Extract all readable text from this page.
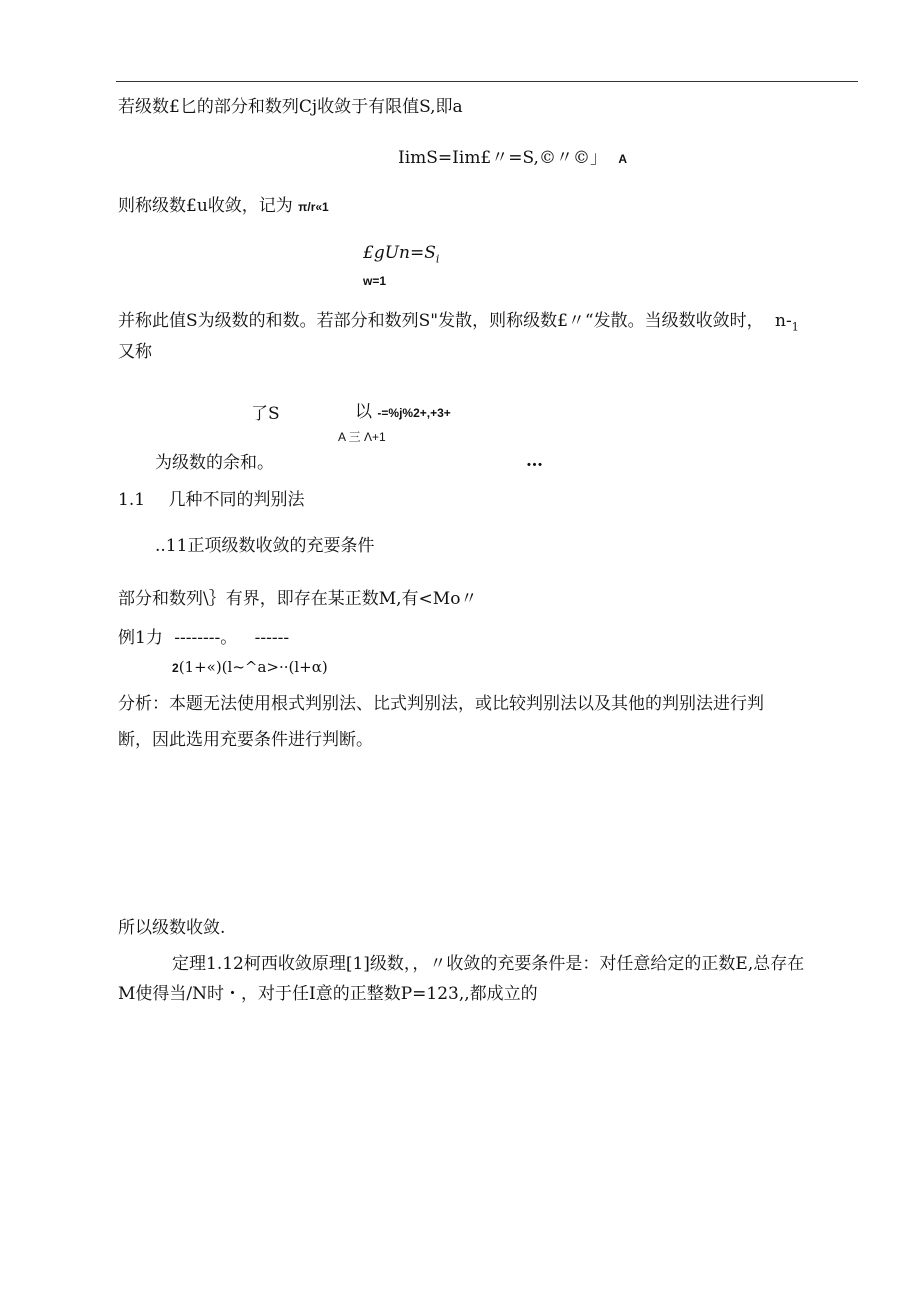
若级数£匕的部分和数列Cj收敛于有限值S,即a
IimS=Iim£〃=S,©〃©」 A
则称级数£u收敛，记为 π/r«1
$£gUn=S_i$
w=1
并称此值S为级数的和数。若部分和数列S"发散，则称级数£〃“发散。当级数收敛时， $n-_1$
又称
了S	以 -=%j%2+,+3+
A 三 Λ+1
为级数的余和。	…
1.1 几种不同的判别法
..11正项级数收敛的充要条件
部分和数列\｝有界，即存在某正数M,有<Mo〃
例1力 --------。 ------
2(1+«)(l~^a>··(l+α)
分析：本题无法使用根式判别法、比式判别法，或比较判别法以及其他的判别法进行判
断，因此选用充要条件进行判断。
所以级数收敛.
定理1.12柯西收敛原理[1]级数，，〃收敛的充要条件是：对任意给定的正数E,总存在
M使得当/N时・，对于任I意的正整数P=123,,都成立的
